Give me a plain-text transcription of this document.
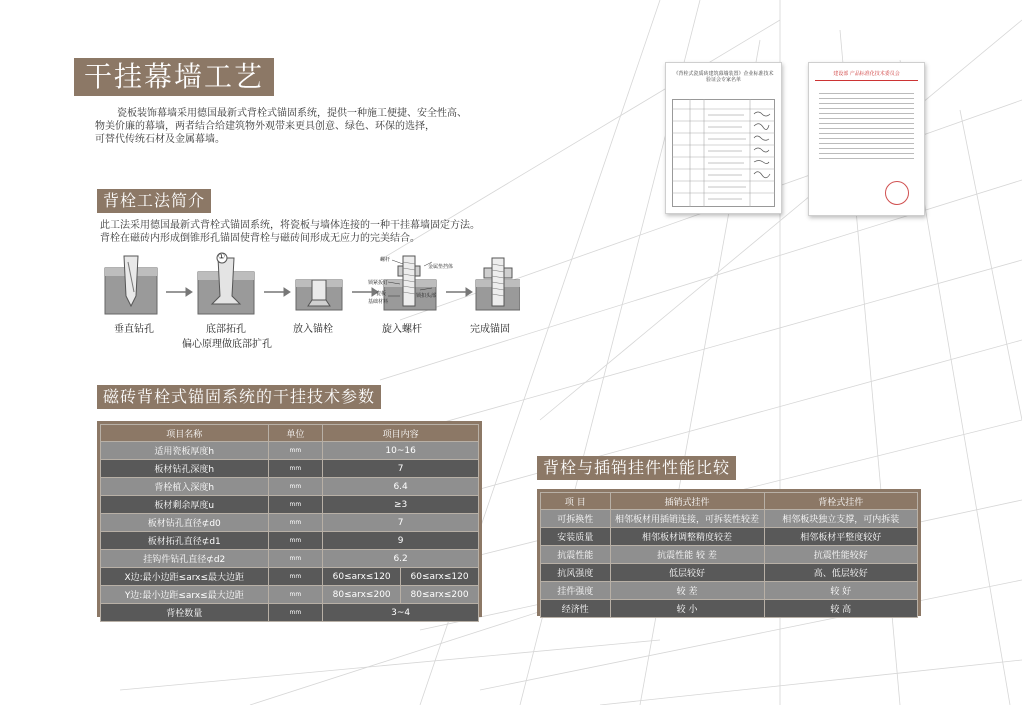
干挂幕墙工艺
瓷板装饰幕墙采用德国最新式背栓式锚固系统，提供一种施工便捷、安全性高、
物美价廉的幕墙，两者结合给建筑物外观带来更具创意、绿色、环保的选择，
可替代传统石材及金属幕墙。
《背栓式瓷质砖建筑幕墙装置》企业标准技术验证会专家名单
建设部 产品标准化技术委员会
背栓工法简介
此工法采用德国最新式背栓式锚固系统，将瓷板与墙体连接的一种干挂幕墙固定方法。
背栓在磁砖内形成倒锥形孔锚固使背栓与磁砖间形成无应力的完美结合。
①	螺杆
金属垫挡体
锁紧扳钉
瓷板	锁扣头部
基础材料
垂直钻孔	底部拓孔
偏心原理做底部扩孔
放入锚栓	旋入螺杆	完成锚固
磁砖背栓式锚固系统的干挂技术参数
项目名称	单位	项目内容	
适用瓷板厚度h	mm	10~16	
板材钻孔深度h	mm	7	
背栓植入深度h	mm	6.4	
板材剩余厚度u	mm	≥3	
板材钻孔直径⊄d0	mm	7	
板材拓孔直径⊄d1	mm	9	
挂钩件钻孔直径⊄d2	mm	6.2	
X边:最小边距≤arx≤最大边距	mm	60≤arx≤120	60≤arx≤120
Y边:最小边距≤arx≤最大边距	mm	80≤arx≤200	80≤arx≤200
背栓数量	mm	3~4	
背栓与插销挂件性能比较
项 目	插销式挂件	背栓式挂件
可拆换性	相邻板材用插销连接，可拆装性较差	相邻板块独立支撑，可内拆装
安装质量	相邻板材调整精度较差	相邻板材平整度较好
抗震性能	抗震性能 较 差	抗震性能较好
抗风强度	低层较好	高、低层较好
挂件强度	较 差	较 好
经济性	较 小	较 高
